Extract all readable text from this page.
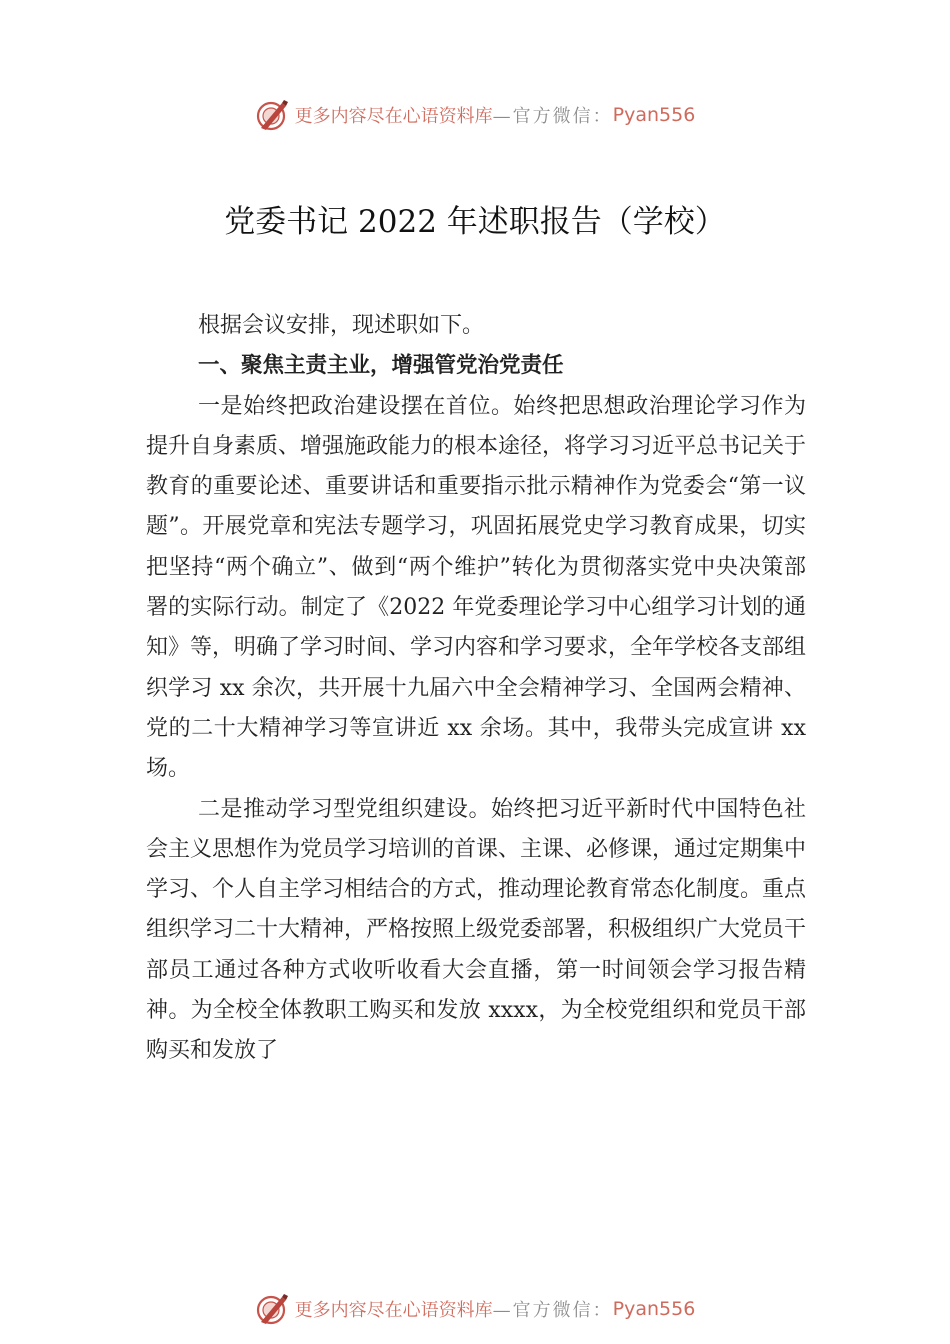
更多内容尽在心语资料库 —官方微信： Pyan556
党委书记 2022 年述职报告（学校）

根据会议安排，现述职如下。

一、聚焦主责主业，增强管党治党责任

一是始终把政治建设摆在首位。始终把思想政治理论学习作为提升自身素质、增强施政能力的根本途径，将学习习近平总书记关于教育的重要论述、重要讲话和重要指示批示精神作为党委会“第一议题”。开展党章和宪法专题学习，巩固拓展党史学习教育成果，切实把坚持“两个确立”、做到“两个维护”转化为贯彻落实党中央决策部署的实际行动。制定了《2022 年党委理论学习中心组学习计划的通知》等，明确了学习时间、学习内容和学习要求，全年学校各支部组织学习 xx 余次，共开展十九届六中全会精神学习、全国两会精神、党的二十大精神学习等宣讲近 xx 余场。其中，我带头完成宣讲 xx 场。

二是推动学习型党组织建设。始终把习近平新时代中国特色社会主义思想作为党员学习培训的首课、主课、必修课，通过定期集中学习、个人自主学习相结合的方式，推动理论教育常态化制度。重点组织学习二十大精神，严格按照上级党委部署，积极组织广大党员干部员工通过各种方式收听收看大会直播，第一时间领会学习报告精神。为全校全体教职工购买和发放 xxxx，为全校党组织和党员干部购买和发放了

更多内容尽在心语资料库 —官方微信： Pyan556
